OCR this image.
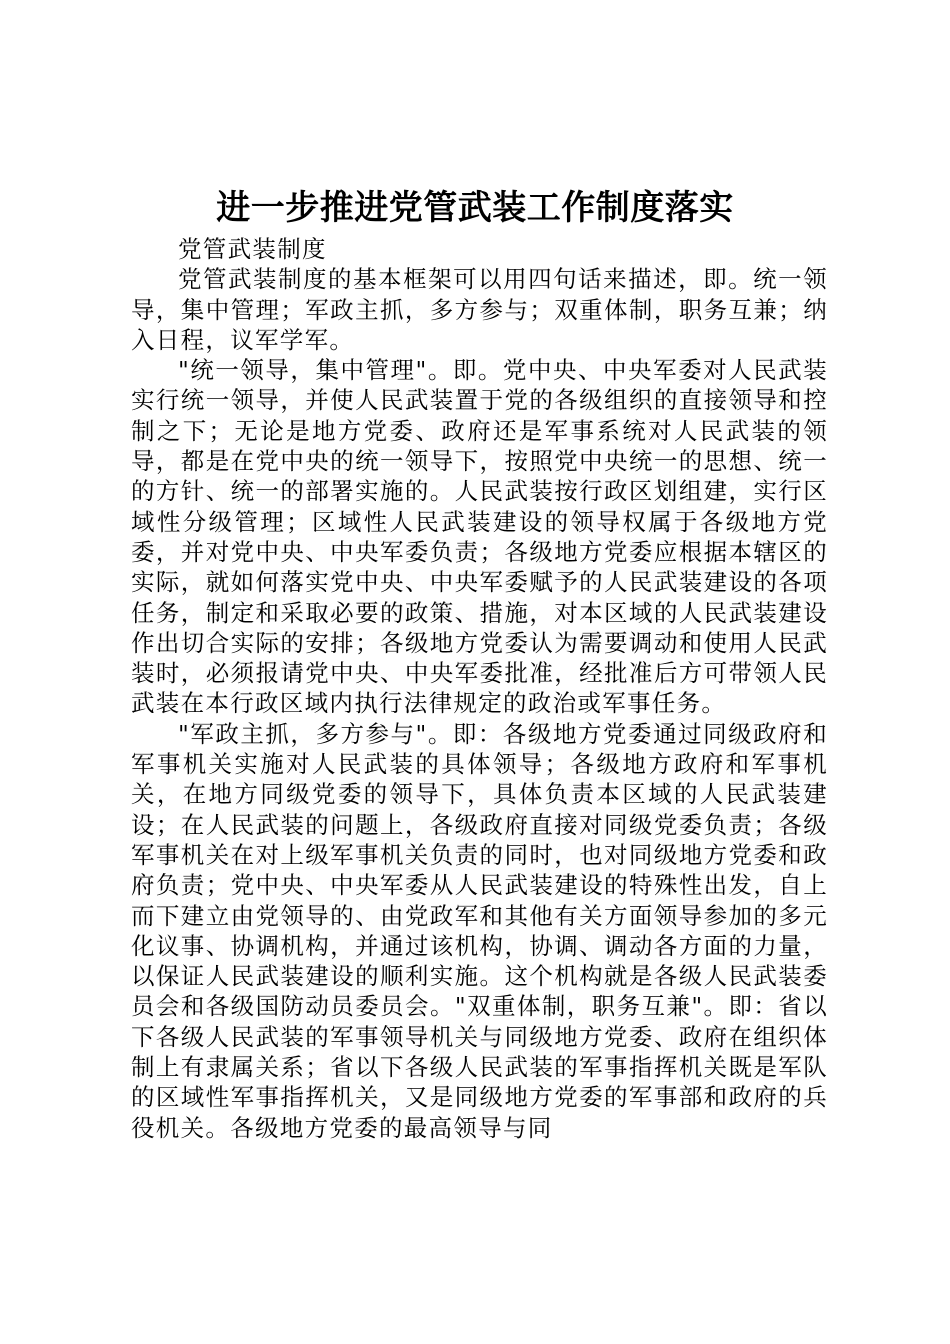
进一步推进党管武装工作制度落实

党管武装制度

党管武装制度的基本框架可以用四句话来描述，即。统一领导，集中管理；军政主抓，多方参与；双重体制，职务互兼；纳入日程，议军学军。

"统一领导，集中管理"。即。党中央、中央军委对人民武装实行统一领导，并使人民武装置于党的各级组织的直接领导和控制之下；无论是地方党委、政府还是军事系统对人民武装的领导，都是在党中央的统一领导下，按照党中央统一的思想、统一的方针、统一的部署实施的。人民武装按行政区划组建，实行区域性分级管理；区域性人民武装建设的领导权属于各级地方党委，并对党中央、中央军委负责；各级地方党委应根据本辖区的实际，就如何落实党中央、中央军委赋予的人民武装建设的各项任务，制定和采取必要的政策、措施，对本区域的人民武装建设作出切合实际的安排；各级地方党委认为需要调动和使用人民武装时，必须报请党中央、中央军委批准，经批准后方可带领人民武装在本行政区域内执行法律规定的政治或军事任务。

"军政主抓，多方参与"。即：各级地方党委通过同级政府和军事机关实施对人民武装的具体领导；各级地方政府和军事机关，在地方同级党委的领导下，具体负责本区域的人民武装建设；在人民武装的问题上，各级政府直接对同级党委负责；各级军事机关在对上级军事机关负责的同时，也对同级地方党委和政府负责；党中央、中央军委从人民武装建设的特殊性出发，自上而下建立由党领导的、由党政军和其他有关方面领导参加的多元化议事、协调机构，并通过该机构，协调、调动各方面的力量，以保证人民武装建设的顺利实施。这个机构就是各级人民武装委员会和各级国防动员委员会。"双重体制，职务互兼"。即：省以下各级人民武装的军事领导机关与同级地方党委、政府在组织体制上有隶属关系；省以下各级人民武装的军事指挥机关既是军队的区域性军事指挥机关，又是同级地方党委的军事部和政府的兵役机关。各级地方党委的最高领导与同
